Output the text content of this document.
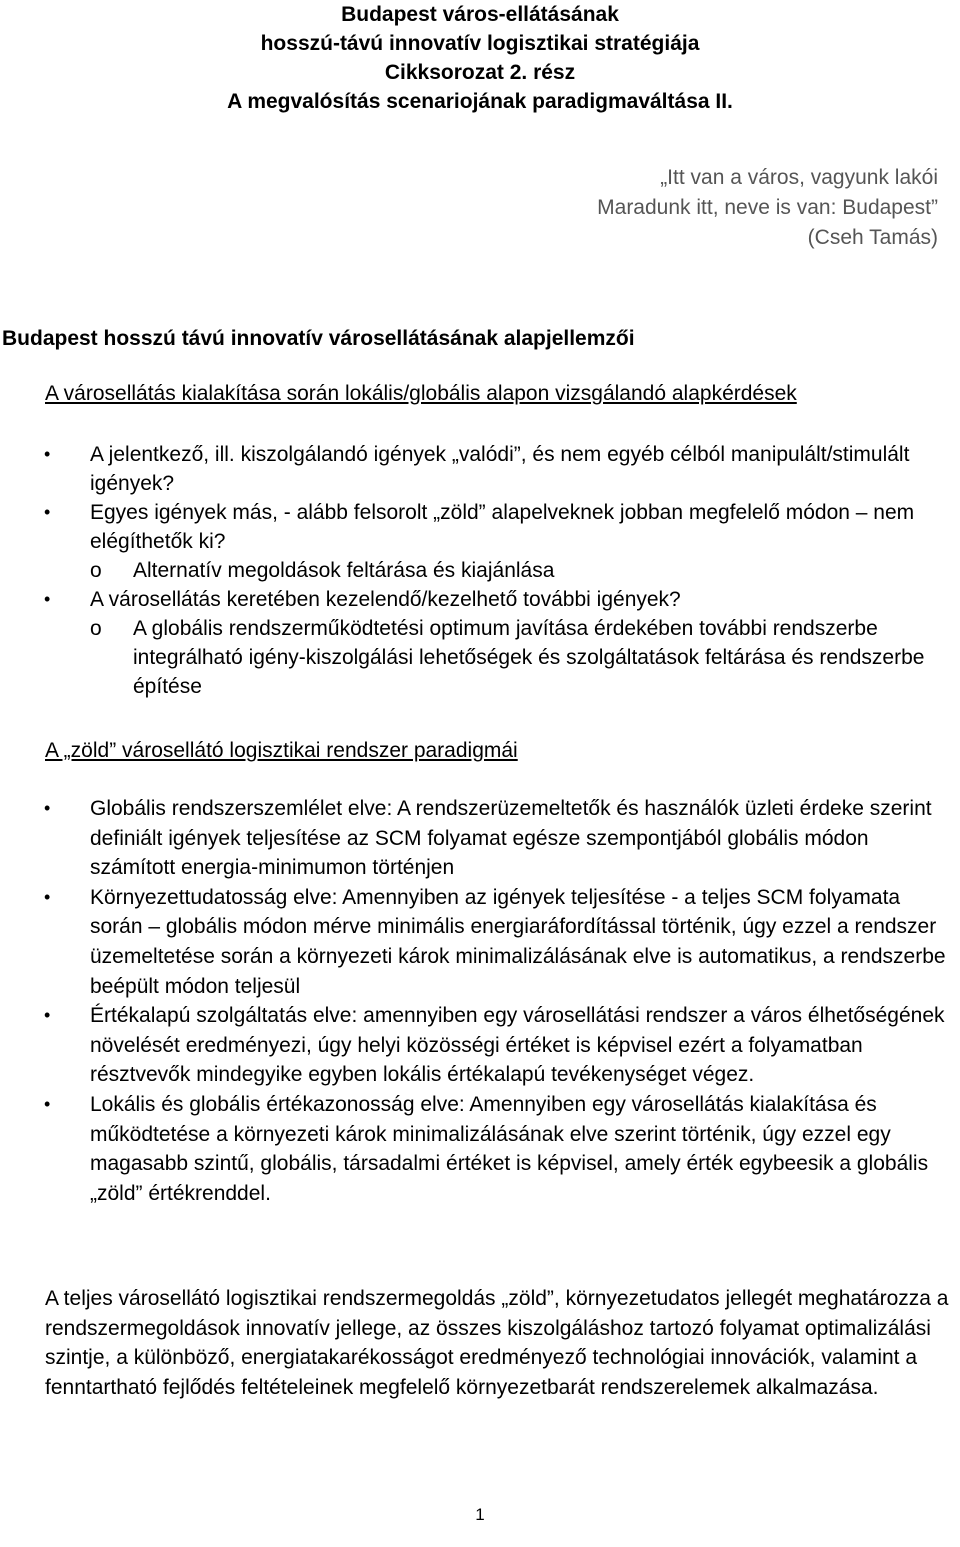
Budapest város-ellátásának
hosszú-távú innovatív logisztikai stratégiája
Cikksorozat 2. rész
A megvalósítás scenariojának paradigmaváltása II.
„Itt van a város, vagyunk lakói
Maradunk itt, neve is van: Budapest”
(Cseh Tamás)
Budapest hosszú távú innovatív városellátásának alapjellemzői
A városellátás kialakítása során lokális/globális alapon vizsgálandó alapkérdések
• A jelentkező, ill. kiszolgálandó igények „valódi”, és nem egyéb célból manipulált/stimulált igények?
• Egyes igények más, - alább felsorolt „zöld” alapelveknek jobban megfelelő módon – nem elégíthetők ki?
o Alternatív megoldások feltárása és kiajánlása
• A városellátás keretében kezelendő/kezelhető további igények?
o A globális rendszerműködtetési optimum javítása érdekében további rendszerbe integrálható igény-kiszolgálási lehetőségek és szolgáltatások feltárása és rendszerbe építése
A „zöld” városellátó logisztikai rendszer paradigmái
• Globális rendszerszemlélet elve: A rendszerüzemeltetők és használók üzleti érdeke szerint definiált igények teljesítése az SCM folyamat egésze szempontjából globális módon számított energia-minimumon történjen
• Környezettudatosság elve: Amennyiben az igények teljesítése - a teljes SCM folyamata során – globális módon mérve minimális energiaráfordítással történik, úgy ezzel a rendszer üzemeltetése során a környezeti károk minimalizálásának elve is automatikus, a rendszerbe beépült módon teljesül
• Értékalapú szolgáltatás elve: amennyiben egy városellátási rendszer a város élhetőségének növelését eredményezi, úgy helyi közösségi értéket is képvisel ezért a folyamatban résztvevők mindegyike egyben lokális értékalapú tevékenységet végez.
• Lokális és globális értékazonosság elve: Amennyiben egy városellátás kialakítása és működtetése a környezeti károk minimalizálásának elve szerint történik, úgy ezzel egy magasabb szintű, globális, társadalmi értéket is képvisel, amely érték egybeesik a globális „zöld” értékrenddel.
A teljes városellátó logisztikai rendszermegoldás „zöld”, környezetudatos jellegét meghatározza a rendszermegoldások innovatív jellege, az összes kiszolgáláshoz tartozó folyamat optimalizálási szintje, a különböző, energiatakarékosságot eredményező technológiai innovációk, valamint a fenntartható fejlődés feltételeinek megfelelő környezetbarát rendszerelemek alkalmazása.
1
